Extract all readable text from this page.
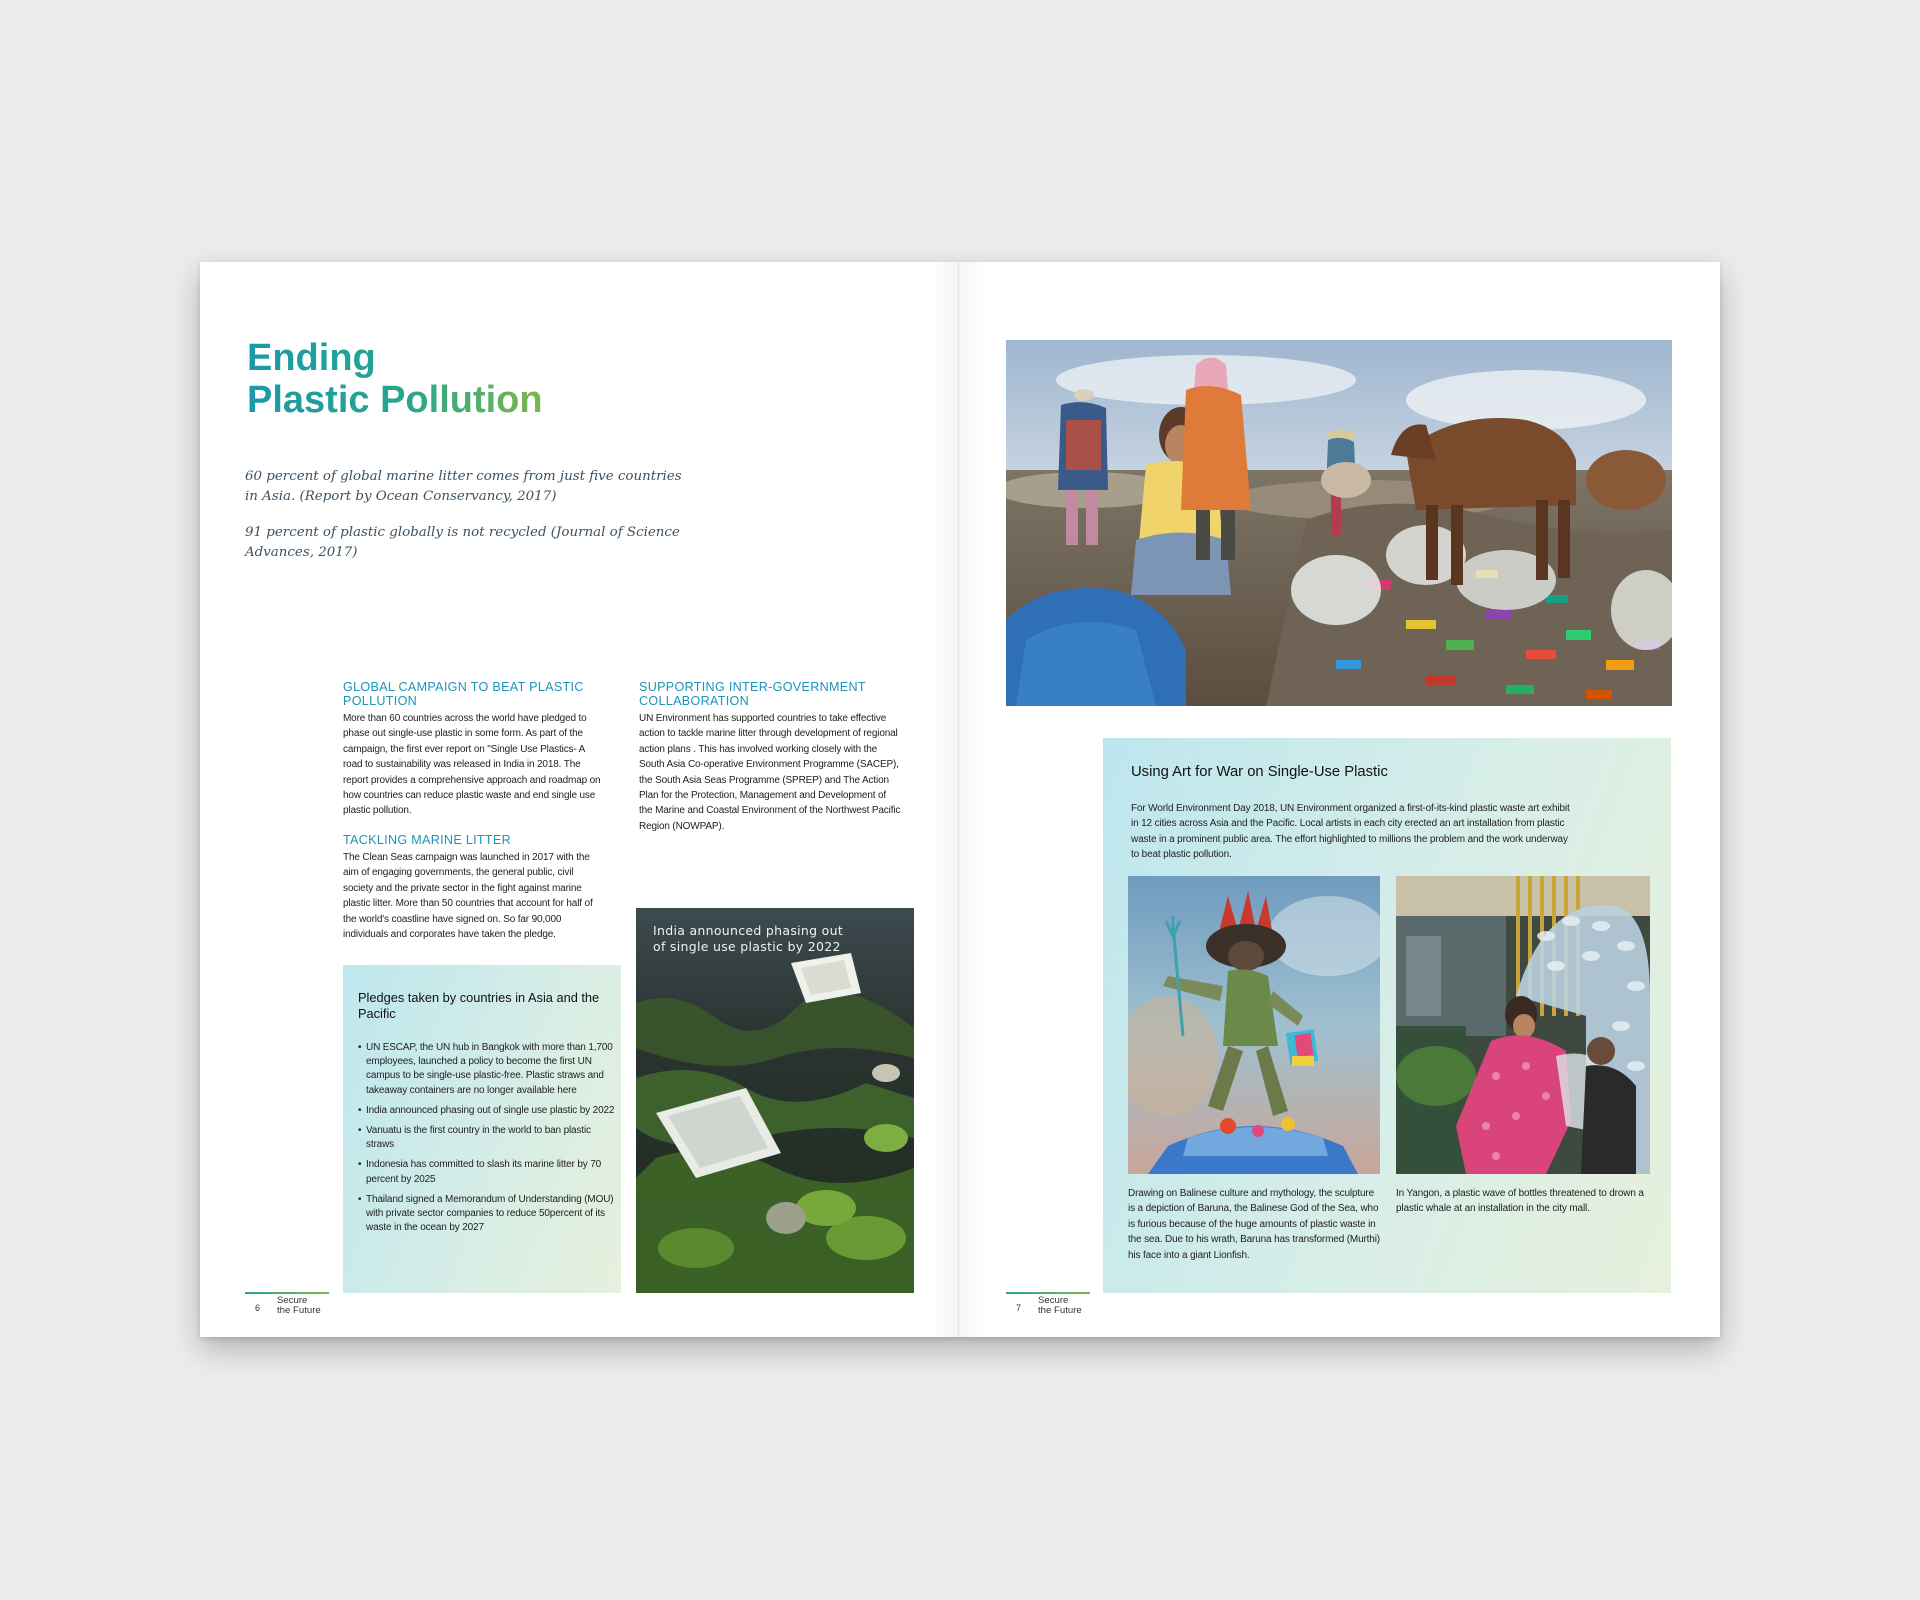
Ending
Plastic Pollution

60 percent of global marine litter comes from just five countries in Asia. (Report by Ocean Conservancy, 2017)

91 percent of plastic globally is not recycled (Journal of Science Advances, 2017)

GLOBAL CAMPAIGN TO BEAT PLASTIC POLLUTION

More than 60 countries across the world have pledged to phase out single-use plastic in some form. As part of the campaign, the first ever report on "Single Use Plastics- A road to sustainability was released in India in 2018. The report provides a comprehensive approach and roadmap on how countries can reduce plastic waste and end single use plastic pollution.

TACKLING MARINE LITTER

The Clean Seas campaign was launched in 2017 with the aim of engaging governments, the general public, civil society and the private sector in the fight against marine plastic litter. More than 50 countries that account for half of the world's coastline have signed on. So far 90,000 individuals and corporates have taken the pledge.

SUPPORTING INTER-GOVERNMENT COLLABORATION

UN Environment has supported countries to take effective action to tackle marine litter through development of regional action plans . This has involved working closely with the South Asia Co-operative Environment Programme (SACEP), the South Asia Seas Programme (SPREP) and The Action Plan for the Protection, Management and Development of the Marine and Coastal Environment of the Northwest Pacific Region (NOWPAP).

Pledges taken by countries in Asia and the Pacific
• UN ESCAP, the UN hub in Bangkok with more than 1,700 employees, launched a policy to become the first UN campus to be single-use plastic-free. Plastic straws and takeaway containers are no longer available here
• India announced phasing out of single use plastic by 2022
• Vanuatu is the first country in the world to ban plastic straws
• Indonesia has committed to slash its marine litter by 70 percent by 2025
• Thailand signed a Memorandum of Understanding (MOU) with private sector companies to reduce 50percent of its waste in the ocean by 2027
India announced phasing out of single use plastic by 2022
6
Secure
the Future
Using Art for War on Single-Use Plastic

For World Environment Day 2018, UN Environment organized a first-of-its-kind plastic waste art exhibit in 12 cities across Asia and the Pacific. Local artists in each city erected an art installation from plastic waste in a prominent public area. The effort highlighted to millions the problem and the work underway to beat plastic pollution.

Drawing on Balinese culture and mythology, the sculpture is a depiction of Baruna, the Balinese God of the Sea, who is furious because of the huge amounts of plastic waste in the sea. Due to his wrath, Baruna has transformed (Murthi) his face into a giant Lionfish.

In Yangon, a plastic wave of bottles threatened to drown a plastic whale at an installation in the city mall.

7
Secure
the Future
